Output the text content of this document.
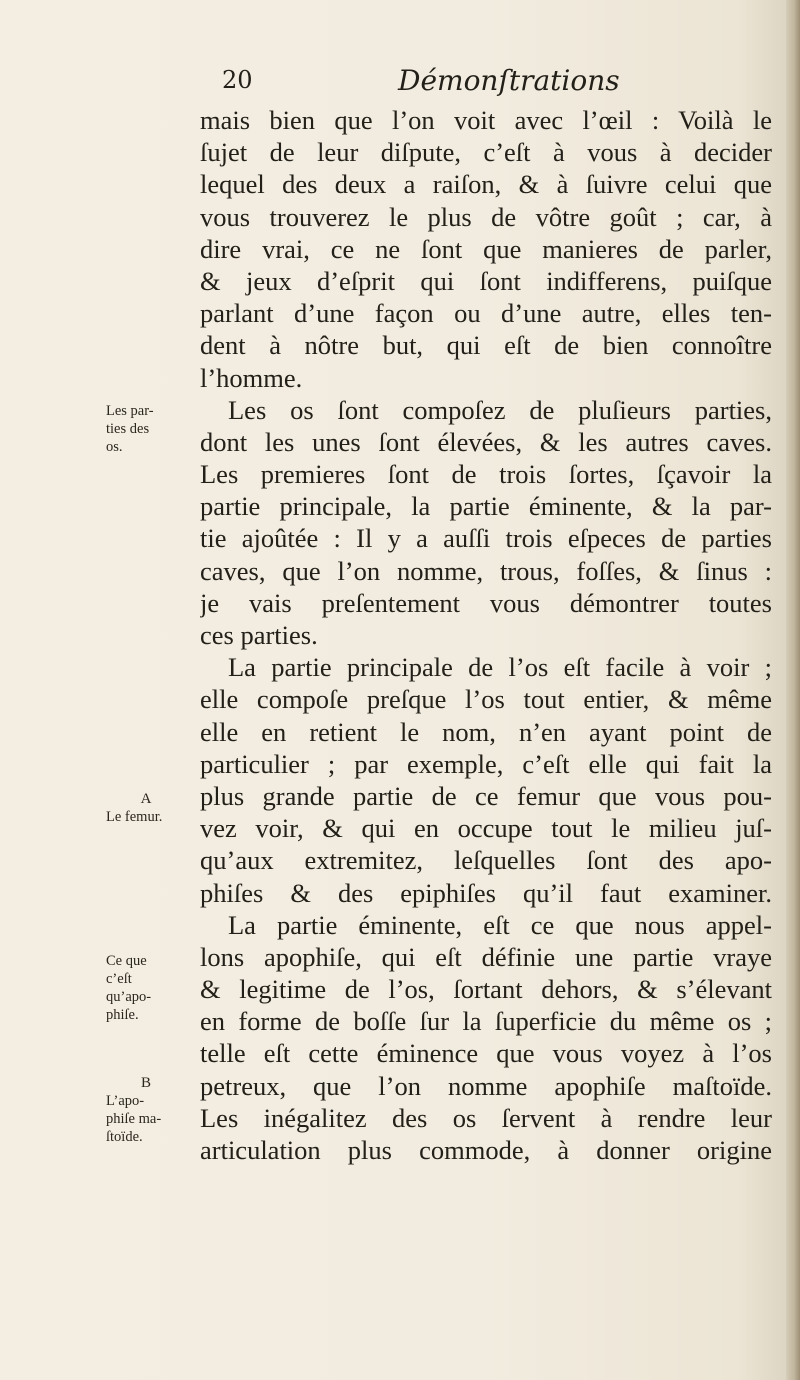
20	Démonſtrations
mais bien que l’on voit avec l’œil : Voilà le
ſujet de leur diſpute, c’eſt à vous à decider
lequel des deux a raiſon, & à ſuivre celui que
vous trouverez le plus de vôtre goût ; car, à
dire vrai, ce ne ſont que manieres de parler,
& jeux d’eſprit qui ſont indifferens, puiſque
parlant d’une façon ou d’une autre, elles ten-
dent à nôtre but, qui eſt de bien connoître
l’homme.
Les os ſont compoſez de pluſieurs parties,
dont les unes ſont élevées, & les autres caves.
Les premieres ſont de trois ſortes, ſçavoir la
partie principale, la partie éminente, & la par-
tie ajoûtée : Il y a auſſi trois eſpeces de parties
caves, que l’on nomme, trous, foſſes, & ſinus :
je vais preſentement vous démontrer toutes
ces parties.
La partie principale de l’os eſt facile à voir ;
elle compoſe preſque l’os tout entier, & même
elle en retient le nom, n’en ayant point de
particulier ; par exemple, c’eſt elle qui fait la
plus grande partie de ce femur que vous pou-
vez voir, & qui en occupe tout le milieu juſ-
qu’aux extremitez, leſquelles ſont des apo-
phiſes & des epiphiſes qu’il faut examiner.
La partie éminente, eſt ce que nous appel-
lons apophiſe, qui eſt définie une partie vraye
& legitime de l’os, ſortant dehors, & s’élevant
en forme de boſſe ſur la ſuperficie du même os ;
telle eſt cette éminence que vous voyez à l’os
petreux, que l’on nomme apophiſe maſtoïde.
Les inégalitez des os ſervent à rendre leur
articulation plus commode, à donner origine
Les par-
ties des
os.
A
Le femur.
Ce que
c’eſt
qu’apo-
phiſe.
B
L’apo-
phiſe ma-
ſtoïde.
